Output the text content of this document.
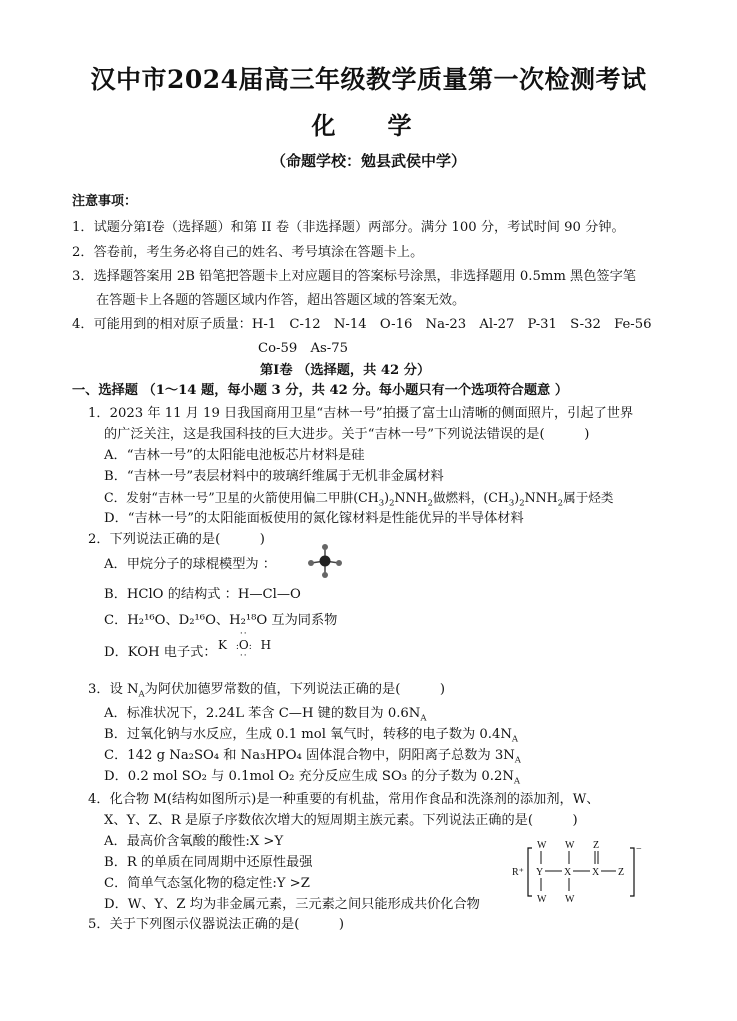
汉中市2024届高三年级教学质量第一次检测考试
化　学
（命题学校：勉县武侯中学）
注意事项：
1．试题分第Ⅰ卷（选择题）和第 II 卷（非选择题）两部分。满分 100 分，考试时间 90 分钟。
2．答卷前，考生务必将自己的姓名、考号填涂在答题卡上。
3．选择题答案用 2B 铅笔把答题卡上对应题目的答案标号涂黑，非选择题用 0.5mm 黑色签字笔
在答题卡上各题的答题区域内作答，超出答题区域的答案无效。
4．可能用到的相对原子质量：H-1　C-12　N-14　O-16　Na-23　Al-27　P-31　S-32　Fe-56
Co-59　As-75
第Ⅰ卷 （选择题，共 42 分）
一、选择题 （1～14 题，每小题 3 分，共 42 分。每小题只有一个选项符合题意 ）
1．2023 年 11 月 19 日我国商用卫星“吉林一号”拍摄了富士山清晰的侧面照片，引起了世界
的广泛关注，这是我国科技的巨大进步。关于“吉林一号”下列说法错误的是(　　　)
A．“吉林一号”的太阳能电池板芯片材料是硅
B．“吉林一号”表层材料中的玻璃纤维属于无机非金属材料
C．发射“吉林一号”卫星的火箭使用偏二甲肼$(CH_3)_2NNH_2$做燃料，$(CH_3)_2NNH_2$属于烃类
D．“吉林一号”的太阳能面板使用的氮化镓材料是性能优异的半导体材料
2．下列说法正确的是(　　　)
A．甲烷分子的球棍模型为 ：
B．HClO 的结构式 ：H—Cl—O
C．H₂¹⁶O、D₂¹⁶O、H₂¹⁸O 互为同系物
D．KOH 电子式： K
··
··
:O: H
3．设 $N_A$为阿伏加德罗常数的值，下列说法正确的是(　　　)
A．标准状况下，2.24L 苯含 C—H 键的数目为 $0.6N_A$
B．过氧化钠与水反应，生成 0.1 mol 氧气时，转移的电子数为 $0.4N_A$
C．142 g Na₂SO₄ 和 Na₃HPO₄ 固体混合物中，阴阳离子总数为 $3N_A$
D．0.2 mol SO₂ 与 0.1mol O₂ 充分反应生成 SO₃ 的分子数为 $0.2N_A$
4．化合物 M(结构如图所示)是一种重要的有机盐，常用作食品和洗涤剂的添加剂，W、
X、Y、Z、R 是原子序数依次增大的短周期主族元素。下列说法正确的是(　　　)
A．最高价含氧酸的酸性:X >Y
B．R 的单质在同周期中还原性最强
C．简单气态氢化物的稳定性:Y >Z
D．W、Y、Z 均为非金属元素，三元素之间只能形成共价化合物
R⁺
−
Y X X Z
W W Z
W W
5．关于下列图示仪器说法正确的是(　　　)
